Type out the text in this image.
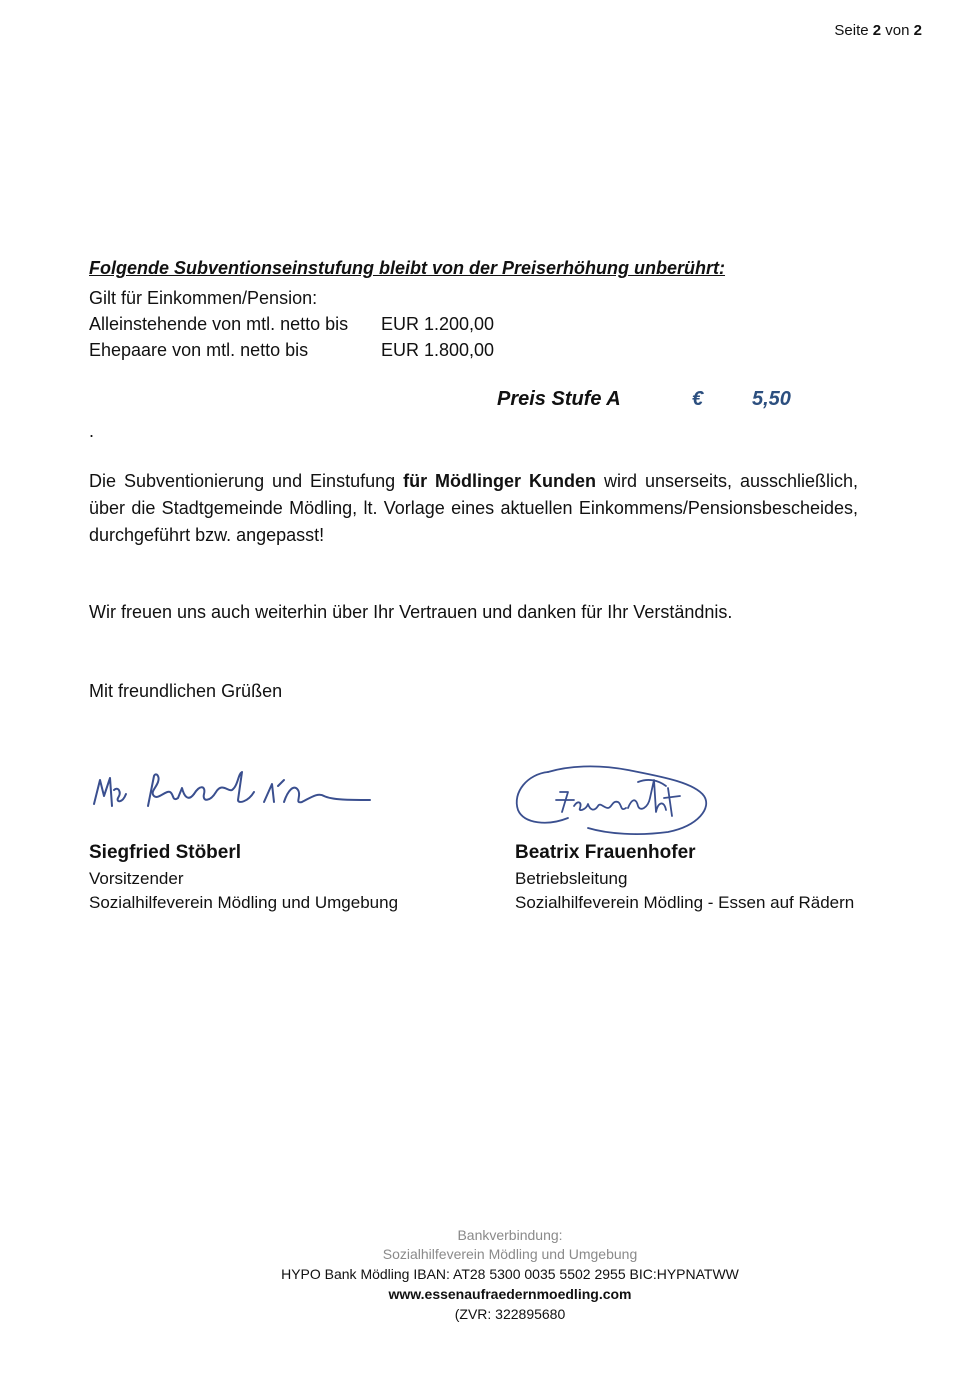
Seite 2 von 2
Folgende Subventionseinstufung bleibt von der Preiserhöhung unberührt:
Gilt für Einkommen/Pension:
Alleinstehende von mtl. netto bis EUR 1.200,00
Ehepaare von mtl. netto bis	EUR 1.800,00
Preis Stufe A	€ 5,50
.

Die Subventionierung und Einstufung für Mödlinger Kunden wird unserseits, ausschließlich, über die Stadtgemeinde Mödling, lt. Vorlage eines aktuellen Einkommens/Pensionsbescheides, durchgeführt bzw. angepasst!

Wir freuen uns auch weiterhin über Ihr Vertrauen und danken für Ihr Verständnis.
Mit freundlichen Grüßen
Siegfried Stöberl
Vorsitzender
Sozialhilfeverein Mödling und Umgebung
Beatrix Frauenhofer
Betriebsleitung
Sozialhilfeverein Mödling - Essen auf Rädern
Bankverbindung:
Sozialhilfeverein Mödling und Umgebung
HYPO Bank Mödling IBAN: AT28 5300 0035 5502 2955 BIC:HYPNATWW
www.essenaufraedernmoedling.com
(ZVR: 322895680
